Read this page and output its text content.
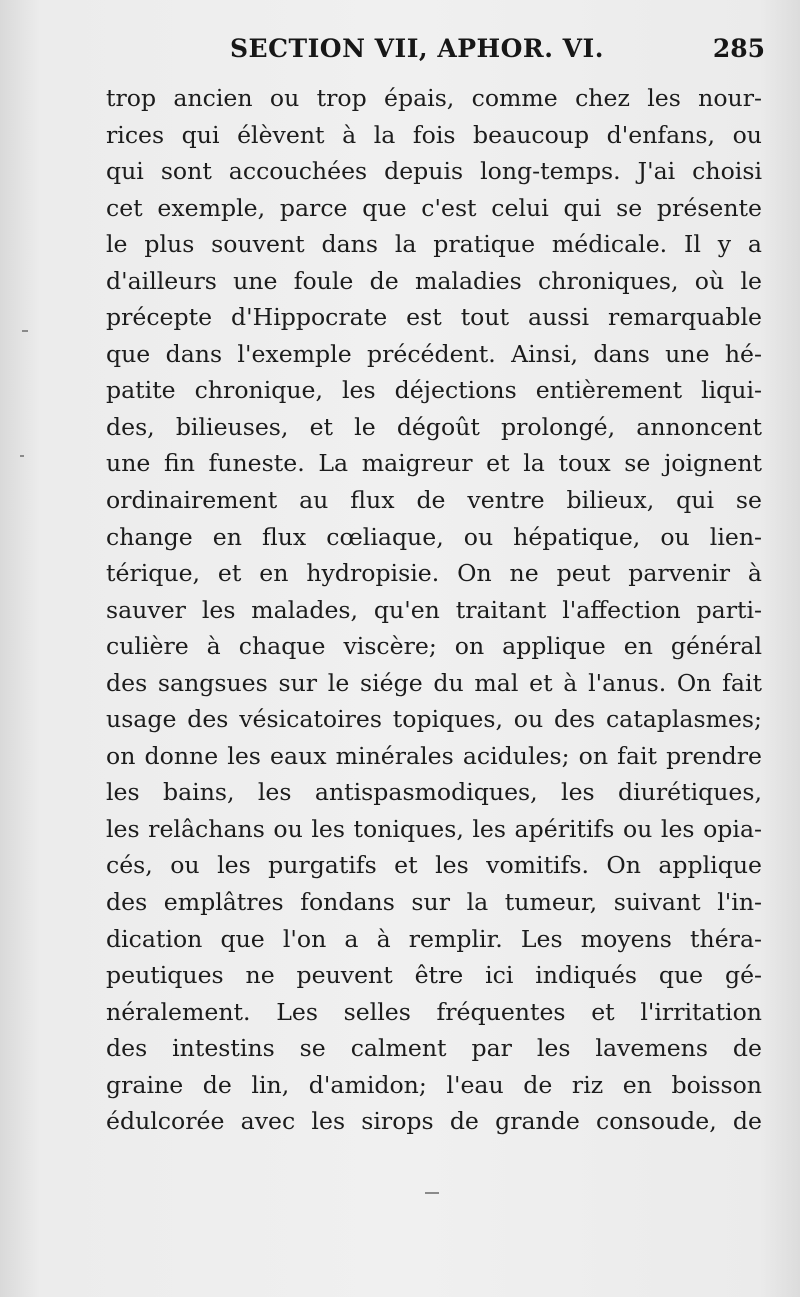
SECTION VII, APHOR. VI.	285
trop ancien ou trop épais, comme chez les nour-
rices qui élèvent à la fois beaucoup d'enfans, ou
qui sont accouchées depuis long-temps. J'ai choisi
cet exemple, parce que c'est celui qui se présente
le plus souvent dans la pratique médicale. Il y a
d'ailleurs une foule de maladies chroniques, où le
précepte d'Hippocrate est tout aussi remarquable
que dans l'exemple précédent. Ainsi, dans une hé-
patite chronique, les déjections entièrement liqui-
des, bilieuses, et le dégoût prolongé, annoncent
une fin funeste. La maigreur et la toux se joignent
ordinairement au flux de ventre bilieux, qui se
change en flux cœliaque, ou hépatique, ou lien-
térique, et en hydropisie. On ne peut parvenir à
sauver les malades, qu'en traitant l'affection parti-
culière à chaque viscère; on applique en général
des sangsues sur le siége du mal et à l'anus. On fait
usage des vésicatoires topiques, ou des cataplasmes;
on donne les eaux minérales acidules; on fait prendre
les bains, les antispasmodiques, les diurétiques,
les relâchans ou les toniques, les apéritifs ou les opia-
cés, ou les purgatifs et les vomitifs. On applique
des emplâtres fondans sur la tumeur, suivant l'in-
dication que l'on a à remplir. Les moyens théra-
peutiques ne peuvent être ici indiqués que gé-
néralement. Les selles fréquentes et l'irritation
des intestins se calment par les lavemens de
graine de lin, d'amidon; l'eau de riz en boisson
édulcorée avec les sirops de grande consoude, de
